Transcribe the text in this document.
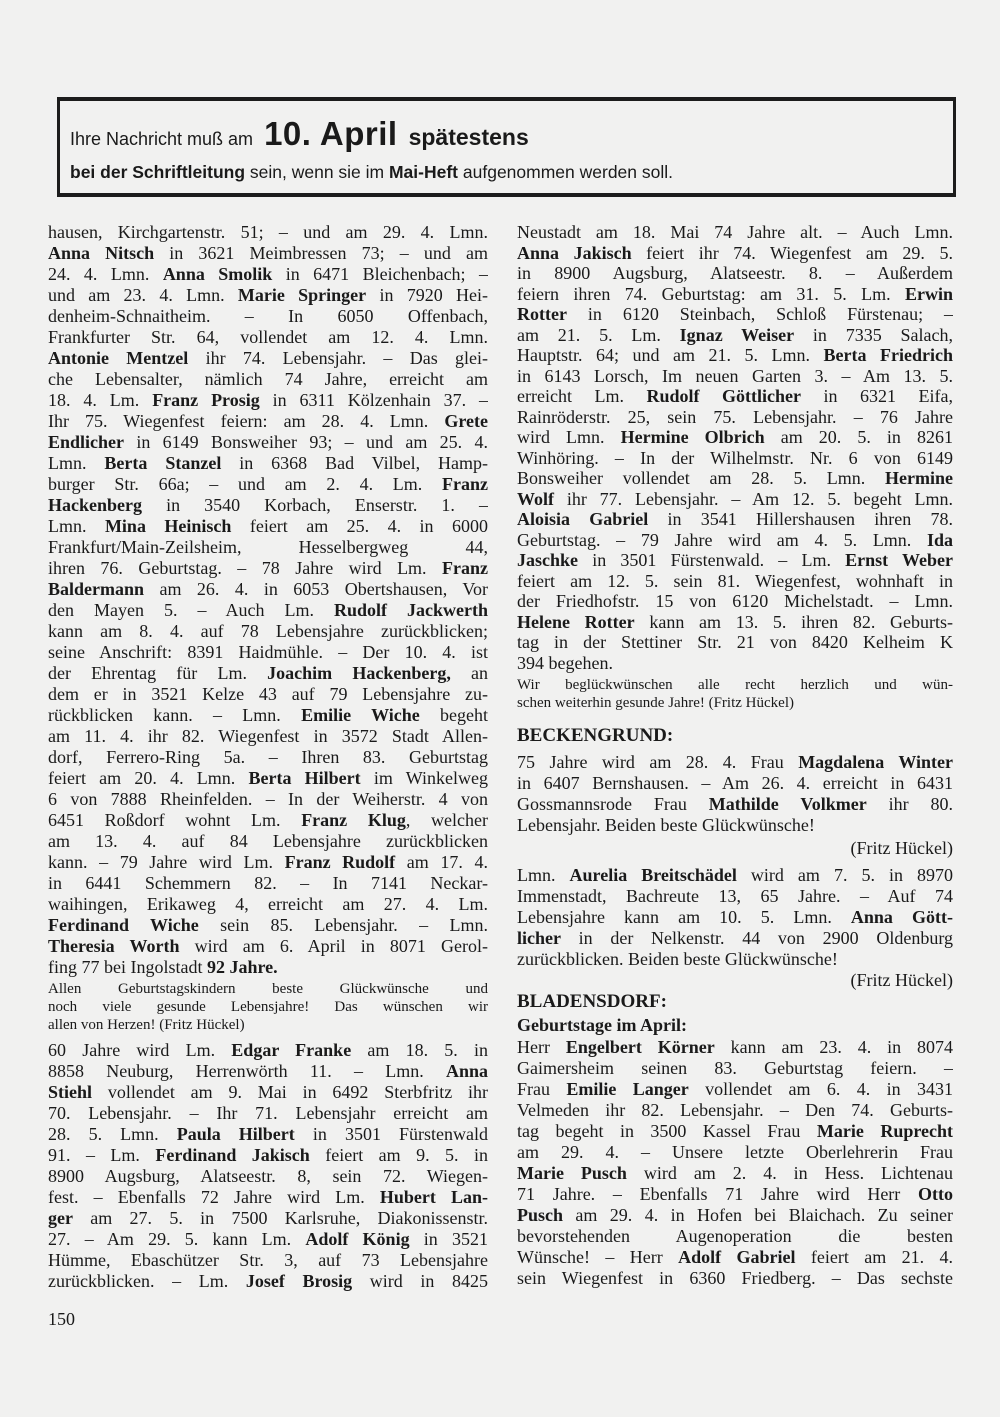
Ihre Nachricht muß am 10. April spätestens
bei der Schriftleitung sein, wenn sie im Mai-Heft aufgenommen werden soll.
hausen, Kirchgartenstr. 51; – und am 29. 4. Lmn.
Anna Nitsch in 3621 Meimbressen 73; – und am
24. 4. Lmn. Anna Smolik in 6471 Bleichenbach; –
und am 23. 4. Lmn. Marie Springer in 7920 Hei-
denheim-Schnaitheim. – In 6050 Offenbach,
Frankfurter Str. 64, vollendet am 12. 4. Lmn.
Antonie Mentzel ihr 74. Lebensjahr. – Das glei-
che Lebensalter, nämlich 74 Jahre, erreicht am
18. 4. Lm. Franz Prosig in 6311 Kölzenhain 37. –
Ihr 75. Wiegenfest feiern: am 28. 4. Lmn. Grete
Endlicher in 6149 Bonsweiher 93; – und am 25. 4.
Lmn. Berta Stanzel in 6368 Bad Vilbel, Hamp-
burger Str. 66a; – und am 2. 4. Lm. Franz
Hackenberg in 3540 Korbach, Enserstr. 1. –
Lmn. Mina Heinisch feiert am 25. 4. in 6000
Frankfurt/Main-Zeilsheim, Hesselbergweg 44,
ihren 76. Geburtstag. – 78 Jahre wird Lm. Franz
Baldermann am 26. 4. in 6053 Obertshausen, Vor
den Mayen 5. – Auch Lm. Rudolf Jackwerth
kann am 8. 4. auf 78 Lebensjahre zurückblicken;
seine Anschrift: 8391 Haidmühle. – Der 10. 4. ist
der Ehrentag für Lm. Joachim Hackenberg, an
dem er in 3521 Kelze 43 auf 79 Lebensjahre zu-
rückblicken kann. – Lmn. Emilie Wiche begeht
am 11. 4. ihr 82. Wiegenfest in 3572 Stadt Allen-
dorf, Ferrero-Ring 5a. – Ihren 83. Geburtstag
feiert am 20. 4. Lmn. Berta Hilbert im Winkelweg
6 von 7888 Rheinfelden. – In der Weiherstr. 4 von
6451 Roßdorf wohnt Lm. Franz Klug, welcher
am 13. 4. auf 84 Lebensjahre zurückblicken
kann. – 79 Jahre wird Lm. Franz Rudolf am 17. 4.
in 6441 Schemmern 82. – In 7141 Neckar-
waihingen, Erikaweg 4, erreicht am 27. 4. Lm.
Ferdinand Wiche sein 85. Lebensjahr. – Lmn.
Theresia Worth wird am 6. April in 8071 Gerol-
fing 77 bei Ingolstadt 92 Jahre.
Allen Geburtstagskindern beste Glückwünsche und
noch viele gesunde Lebensjahre! Das wünschen wir
allen von Herzen! (Fritz Hückel)
60 Jahre wird Lm. Edgar Franke am 18. 5. in
8858 Neuburg, Herrenwörth 11. – Lmn. Anna
Stiehl vollendet am 9. Mai in 6492 Sterbfritz ihr
70. Lebensjahr. – Ihr 71. Lebensjahr erreicht am
28. 5. Lmn. Paula Hilbert in 3501 Fürstenwald
91. – Lm. Ferdinand Jakisch feiert am 9. 5. in
8900 Augsburg, Alatseestr. 8, sein 72. Wiegen-
fest. – Ebenfalls 72 Jahre wird Lm. Hubert Lan-
ger am 27. 5. in 7500 Karlsruhe, Diakonissenstr.
27. – Am 29. 5. kann Lm. Adolf König in 3521
Hümme, Ebaschützer Str. 3, auf 73 Lebensjahre
zurückblicken. – Lm. Josef Brosig wird in 8425
150
Neustadt am 18. Mai 74 Jahre alt. – Auch Lmn.
Anna Jakisch feiert ihr 74. Wiegenfest am 29. 5.
in 8900 Augsburg, Alatseestr. 8. – Außerdem
feiern ihren 74. Geburtstag: am 31. 5. Lm. Erwin
Rotter in 6120 Steinbach, Schloß Fürstenau; –
am 21. 5. Lm. Ignaz Weiser in 7335 Salach,
Hauptstr. 64; und am 21. 5. Lmn. Berta Friedrich
in 6143 Lorsch, Im neuen Garten 3. – Am 13. 5.
erreicht Lm. Rudolf Göttlicher in 6321 Eifa,
Rainröderstr. 25, sein 75. Lebensjahr. – 76 Jahre
wird Lmn. Hermine Olbrich am 20. 5. in 8261
Winhöring. – In der Wilhelmstr. Nr. 6 von 6149
Bonsweiher vollendet am 28. 5. Lmn. Hermine
Wolf ihr 77. Lebensjahr. – Am 12. 5. begeht Lmn.
Aloisia Gabriel in 3541 Hillershausen ihren 78.
Geburtstag. – 79 Jahre wird am 4. 5. Lmn. Ida
Jaschke in 3501 Fürstenwald. – Lm. Ernst Weber
feiert am 12. 5. sein 81. Wiegenfest, wohnhaft in
der Friedhofstr. 15 von 6120 Michelstadt. – Lmn.
Helene Rotter kann am 13. 5. ihren 82. Geburts-
tag in der Stettiner Str. 21 von 8420 Kelheim K
394 begehen.
Wir beglückwünschen alle recht herzlich und wün-
schen weiterhin gesunde Jahre! (Fritz Hückel)
BECKENGRUND:
75 Jahre wird am 28. 4. Frau Magdalena Winter
in 6407 Bernshausen. – Am 26. 4. erreicht in 6431
Gossmannsrode Frau Mathilde Volkmer ihr 80.
Lebensjahr. Beiden beste Glückwünsche!
(Fritz Hückel)
Lmn. Aurelia Breitschädel wird am 7. 5. in 8970
Immenstadt, Bachreute 13, 65 Jahre. – Auf 74
Lebensjahre kann am 10. 5. Lmn. Anna Gött-
licher in der Nelkenstr. 44 von 2900 Oldenburg
zurückblicken. Beiden beste Glückwünsche!
(Fritz Hückel)
BLADENSDORF:
Geburtstage im April:
Herr Engelbert Körner kann am 23. 4. in 8074
Gaimersheim seinen 83. Geburtstag feiern. –
Frau Emilie Langer vollendet am 6. 4. in 3431
Velmeden ihr 82. Lebensjahr. – Den 74. Geburts-
tag begeht in 3500 Kassel Frau Marie Ruprecht
am 29. 4. – Unsere letzte Oberlehrerin Frau
Marie Pusch wird am 2. 4. in Hess. Lichtenau
71 Jahre. – Ebenfalls 71 Jahre wird Herr Otto
Pusch am 29. 4. in Hofen bei Blaichach. Zu seiner
bevorstehenden Augenoperation die besten
Wünsche! – Herr Adolf Gabriel feiert am 21. 4.
sein Wiegenfest in 6360 Friedberg. – Das sechste
